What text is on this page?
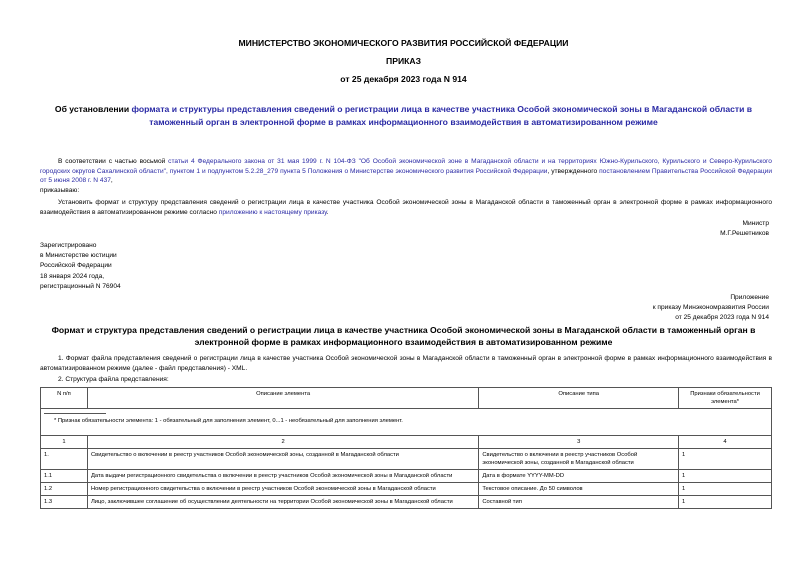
МИНИСТЕРСТВО ЭКОНОМИЧЕСКОГО РАЗВИТИЯ РОССИЙСКОЙ ФЕДЕРАЦИИ
ПРИКАЗ
от 25 декабря 2023 года N 914
Об установлении формата и структуры представления сведений о регистрации лица в качестве участника Особой экономической зоны в Магаданской области в таможенный орган в электронной форме в рамках информационного взаимодействия в автоматизированном режиме
В соответствии с частью восьмой статьи 4 Федерального закона от 31 мая 1999 г. N 104-ФЗ "Об Особой экономической зоне в Магаданской области и на территориях Южно-Курильского, Курильского и Северо-Курильского городских округов Сахалинской области", пунктом 1 и подпунктом 5.2.28_279 пункта 5 Положения о Министерстве экономического развития Российской Федерации, утвержденного постановлением Правительства Российской Федерации от 5 июня 2008 г. N 437,
приказываю:
Установить формат и структуру представления сведений о регистрации лица в качестве участника Особой экономической зоны в Магаданской области в таможенный орган в электронной форме в рамках информационного взаимодействия в автоматизированном режиме согласно приложению к настоящему приказу.
Министр
М.Г.Решетников
Зарегистрировано
в Министерстве юстиции
Российской Федерации
18 января 2024 года,
регистрационный N 76904
Приложение
к приказу Минэкономразвития России
от 25 декабря 2023 года N 914
Формат и структура представления сведений о регистрации лица в качестве участника Особой экономической зоны в Магаданской области в таможенный орган в электронной форме в рамках информационного взаимодействия в автоматизированном режиме
1. Формат файла представления сведений о регистрации лица в качестве участника Особой экономической зоны в Магаданской области в таможенный орган в электронной форме в рамках информационного взаимодействия в автоматизированном режиме (далее - файл представления) - XML.
2. Структура файла представления:
N п/п	Описание элемента	Описание типа	Признаки обязательности элемента*

* Признак обязательности элемента: 1 - обязательный для заполнения элемент, 0...1 - необязательный для заполнения элемент.			
1	2	3	4
1.	Свидетельство о включении в реестр участников Особой экономической зоны, созданной в Магаданской области	Свидетельство о включении в реестр участников Особой экономической зоны, созданной в Магаданской области	1
1.1	Дата выдачи регистрационного свидетельства о включении в реестр участников Особой экономической зоны в Магаданской области	Дата в формате YYYY-MM-DD	1
1.2	Номер регистрационного свидетельства о включении в реестр участников Особой экономической зоны в Магаданской области	Текстовое описание. До 50 символов	1
1.3	Лицо, заключившее соглашение об осуществлении деятельности на территории Особой экономической зоны в Магаданской области	Составной тип	1
